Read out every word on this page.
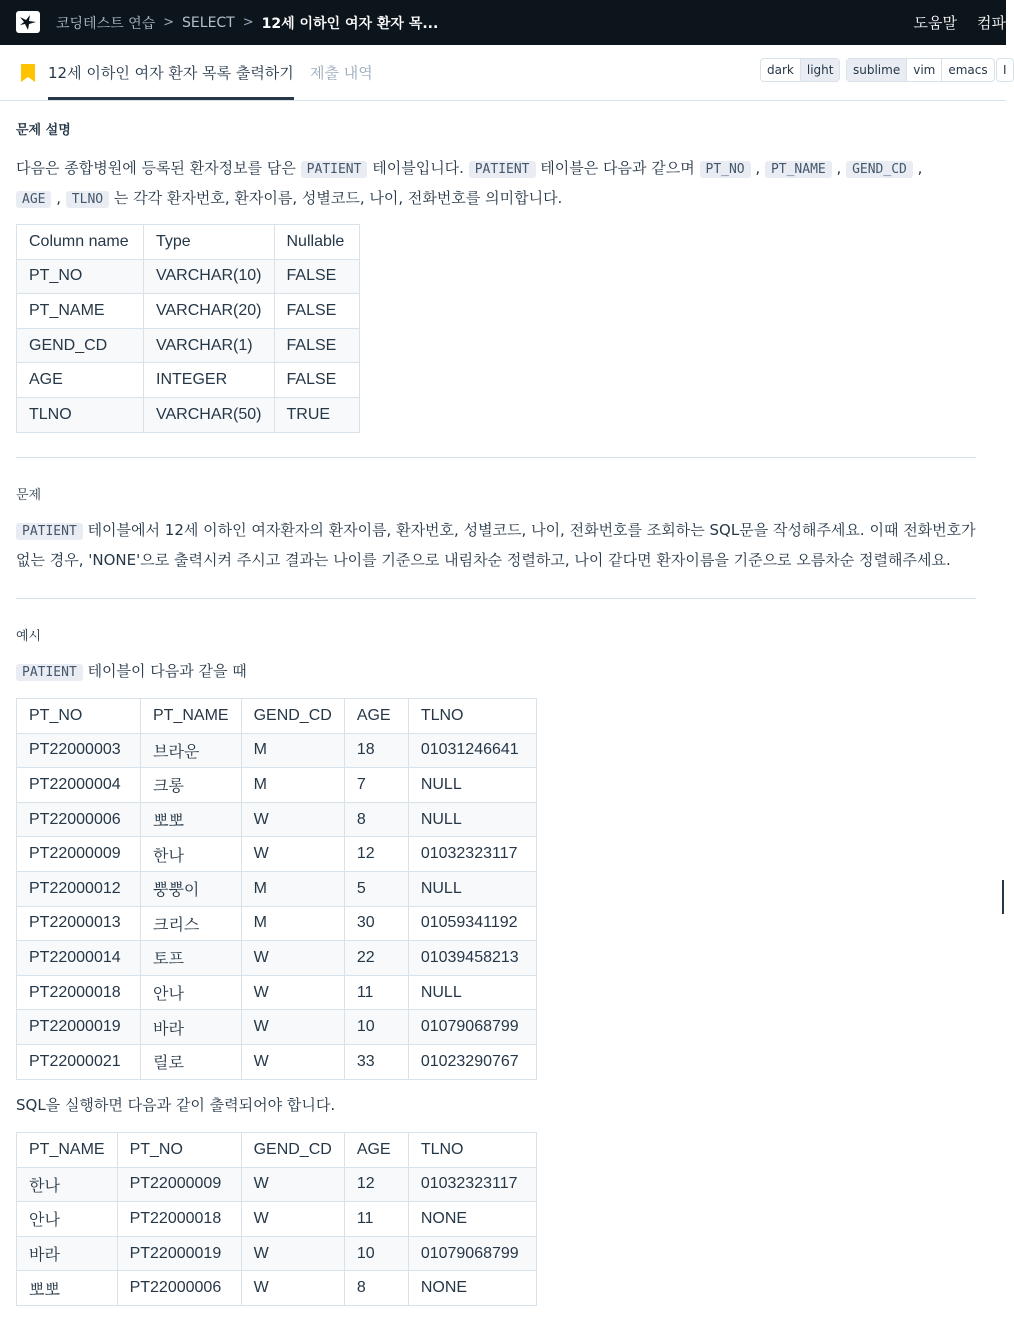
코딩테스트 연습 > SELECT > 12세 이하인 여자 환자 목...	도움말 컴파
12세 이하인 여자 환자 목록 출력하기 제출 내역	dark	light	sublime	vim	emacs	I
문제 설명
다음은 종합병원에 등록된 환자정보를 담은 PATIENT 테이블입니다. PATIENT 테이블은 다음과 같으며 PT_NO , PT_NAME , GEND_CD ,
AGE , TLNO 는 각각 환자번호, 환자이름, 성별코드, 나이, 전화번호를 의미합니다.
Column name	Type	Nullable
PT_NO	VARCHAR(10)	FALSE
PT_NAME	VARCHAR(20)	FALSE
GEND_CD	VARCHAR(1)	FALSE
AGE	INTEGER	FALSE
TLNO	VARCHAR(50)	TRUE
문제
PATIENT 테이블에서 12세 이하인 여자환자의 환자이름, 환자번호, 성별코드, 나이, 전화번호를 조회하는 SQL문을 작성해주세요. 이때 전화번호가 없는 경우, 'NONE'으로 출력시켜 주시고 결과는 나이를 기준으로 내림차순 정렬하고, 나이 같다면 환자이름을 기준으로 오름차순 정렬해주세요.
예시
PATIENT 테이블이 다음과 같을 때
PT_NO	PT_NAME	GEND_CD	AGE	TLNO
PT22000003	브라운	M	18	01031246641
PT22000004	크롱	M	7	NULL
PT22000006	뽀뽀	W	8	NULL
PT22000009	한나	W	12	01032323117
PT22000012	뿡뿡이	M	5	NULL
PT22000013	크리스	M	30	01059341192
PT22000014	토프	W	22	01039458213
PT22000018	안나	W	11	NULL
PT22000019	바라	W	10	01079068799
PT22000021	릴로	W	33	01023290767
SQL을 실행하면 다음과 같이 출력되어야 합니다.
PT_NAME	PT_NO	GEND_CD	AGE	TLNO
한나	PT22000009	W	12	01032323117
안나	PT22000018	W	11	NONE
바라	PT22000019	W	10	01079068799
뽀뽀	PT22000006	W	8	NONE
